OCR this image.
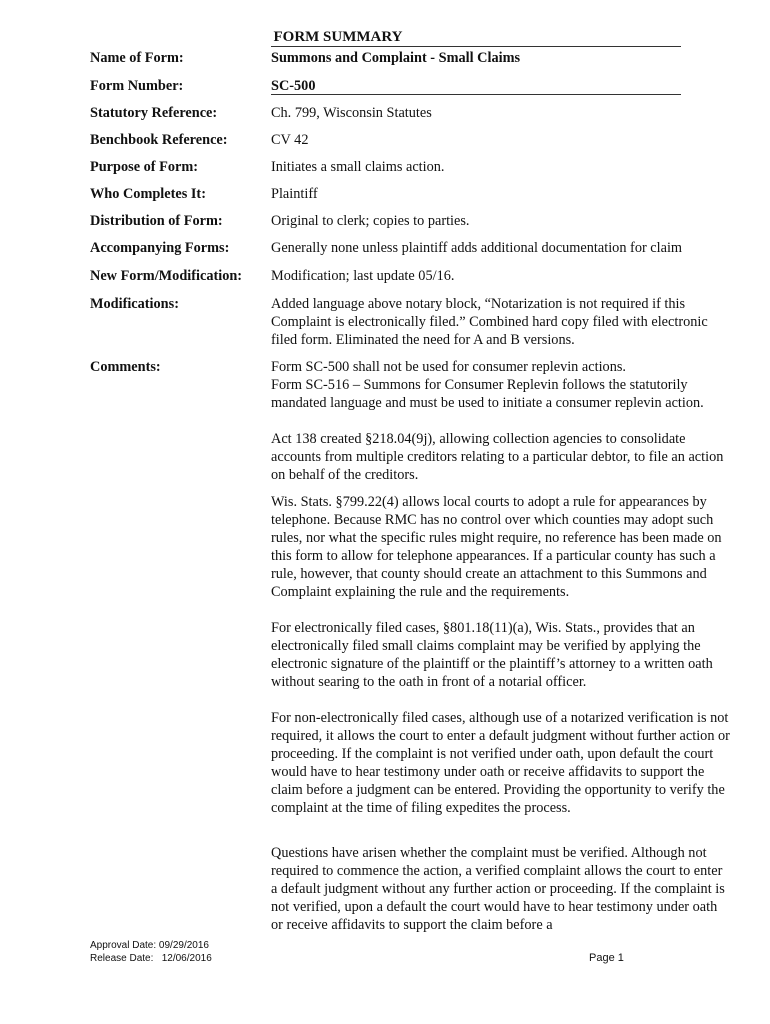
FORM SUMMARY
Name of Form:	Summons and Complaint - Small Claims
Form Number:	SC-500
Statutory Reference:	Ch. 799, Wisconsin Statutes
Benchbook Reference:	CV 42
Purpose of Form:	Initiates a small claims action.
Who Completes It:	Plaintiff
Distribution of Form:	Original to clerk; copies to parties.
Accompanying Forms:	Generally none unless plaintiff adds additional documentation for claim
New Form/Modification:	Modification; last update 05/16.
Modifications:	Added language above notary block, “Notarization is not required if this Complaint is electronically filed.” Combined hard copy filed with electronic filed form. Eliminated the need for A and B versions.
Comments:	Form SC-500 shall not be used for consumer replevin actions.

Form SC-516 – Summons for Consumer Replevin follows the statutorily mandated language and must be used to initiate a consumer replevin action.

Act 138 created §218.04(9j), allowing collection agencies to consolidate accounts from multiple creditors relating to a particular debtor, to file an action on behalf of the creditors.

Wis. Stats. §799.22(4) allows local courts to adopt a rule for appearances by telephone. Because RMC has no control over which counties may adopt such rules, nor what the specific rules might require, no reference has been made on this form to allow for telephone appearances. If a particular county has such a rule, however, that county should create an attachment to this Summons and Complaint explaining the rule and the requirements.

For electronically filed cases, §801.18(11)(a), Wis. Stats., provides that an electronically filed small claims complaint may be verified by applying the electronic signature of the plaintiff or the plaintiff’s attorney to a written oath without searing to the oath in front of a notarial officer.

For non-electronically filed cases, although use of a notarized verification is not required, it allows the court to enter a default judgment without further action or proceeding. If the complaint is not verified under oath, upon default the court would have to hear testimony under oath or receive affidavits to support the claim before a judgment can be entered. Providing the opportunity to verify the complaint at the time of filing expedites the process.

Questions have arisen whether the complaint must be verified. Although not required to commence the action, a verified complaint allows the court to enter a default judgment without any further action or proceeding. If the complaint is not verified, upon a default the court would have to hear testimony under oath or receive affidavits to support the claim before a

Approval Date: 09/29/2016
Release Date:   12/06/2016	Page 1
